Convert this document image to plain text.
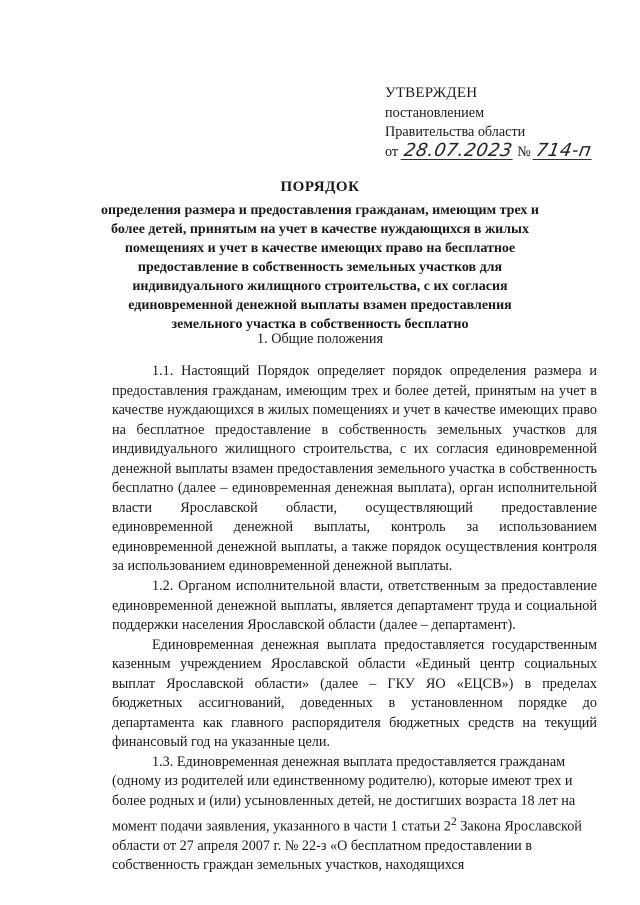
УТВЕРЖДЕН
постановлением
Правительства области
от 28.07.2023 № 714-п
ПОРЯДОК
определения размера и предоставления гражданам, имеющим трех и более детей, принятым на учет в качестве нуждающихся в жилых помещениях и учет в качестве имеющих право на бесплатное предоставление в собственность земельных участков для индивидуального жилищного строительства, с их согласия единовременной денежной выплаты взамен предоставления земельного участка в собственность бесплатно
1. Общие положения

1.1. Настоящий Порядок определяет порядок определения размера и предоставления гражданам, имеющим трех и более детей, принятым на учет в качестве нуждающихся в жилых помещениях и учет в качестве имеющих право на бесплатное предоставление в собственность земельных участков для индивидуального жилищного строительства, с их согласия единовременной денежной выплаты взамен предоставления земельного участка в собственность бесплатно (далее – единовременная денежная выплата), орган исполнительной власти Ярославской области, осуществляющий предоставление единовременной денежной выплаты, контроль за использованием единовременной денежной выплаты, а также порядок осуществления контроля за использованием единовременной денежной выплаты.

1.2. Органом исполнительной власти, ответственным за предоставление единовременной денежной выплаты, является департамент труда и социальной поддержки населения Ярославской области (далее – департамент).

Единовременная денежная выплата предоставляется государственным казенным учреждением Ярославской области «Единый центр социальных выплат Ярославской области» (далее – ГКУ ЯО «ЕЦСВ») в пределах бюджетных ассигнований, доведенных в установленном порядке до департамента как главного распорядителя бюджетных средств на текущий финансовый год на указанные цели.

1.3. Единовременная денежная выплата предоставляется гражданам (одному из родителей или единственному родителю), которые имеют трех и более родных и (или) усыновленных детей, не достигших возраста 18 лет на момент подачи заявления, указанного в части 1 статьи $2^2$ Закона Ярославской области от 27 апреля 2007 г. № 22-з «О бесплатном предоставлении в собственность граждан земельных участков, находящихся
